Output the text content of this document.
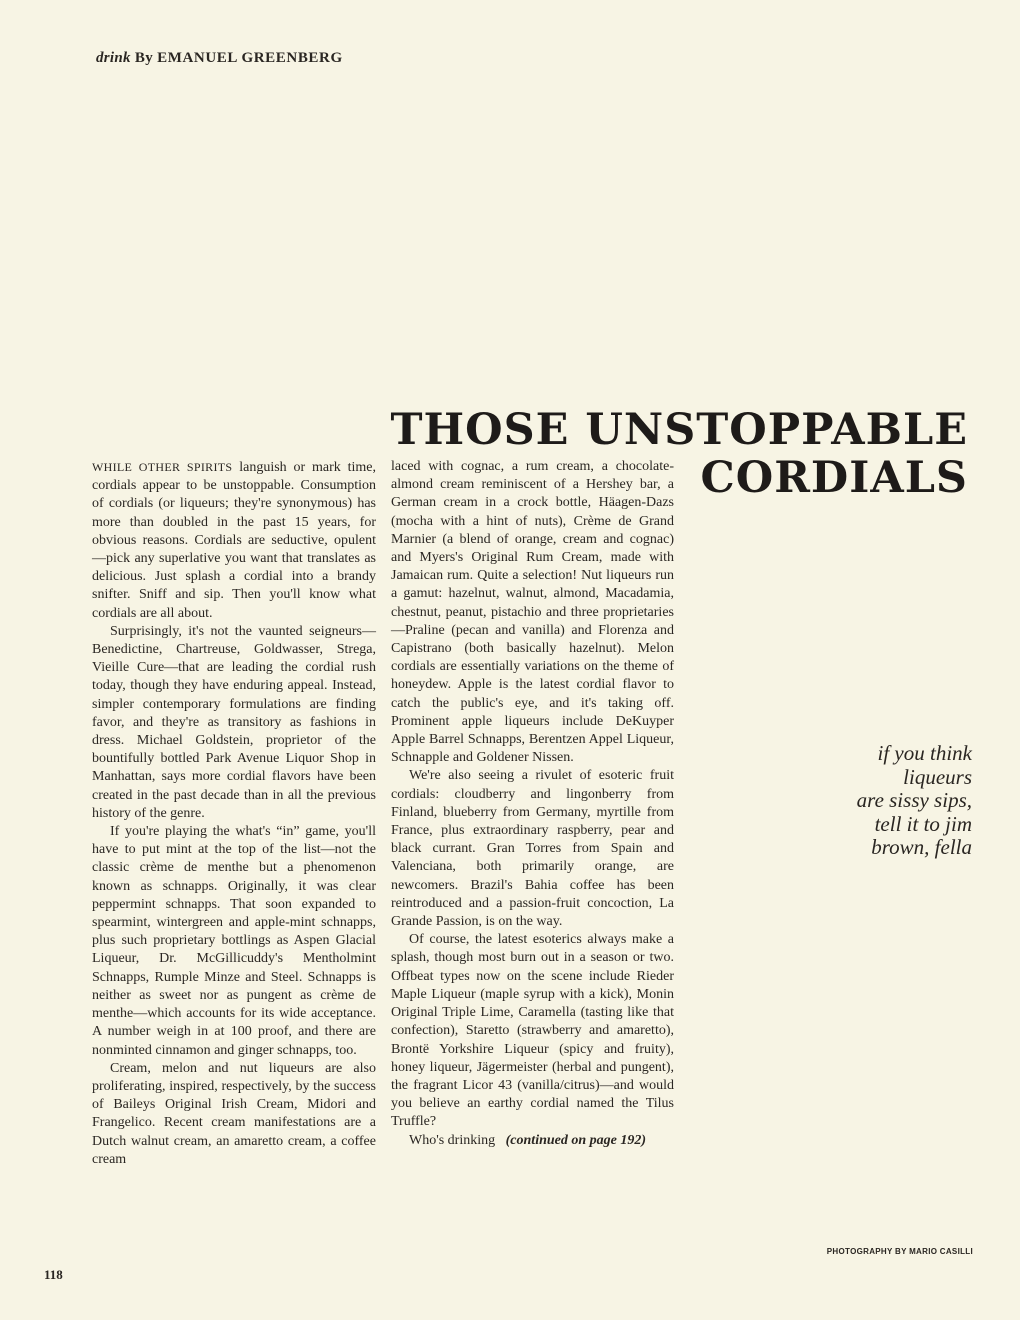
drink By EMANUEL GREENBERG
THOSE UNSTOPPABLE
CORDIALS

WHILE OTHER SPIRITS languish or mark time, cordials appear to be unstoppable. Consumption of cordials (or liqueurs; they're synonymous) has more than doubled in the past 15 years, for obvious reasons. Cordials are seductive, opulent—pick any superlative you want that translates as delicious. Just splash a cordial into a brandy snifter. Sniff and sip. Then you'll know what cordials are all about.

Surprisingly, it's not the vaunted seigneurs—Benedictine, Chartreuse, Goldwasser, Strega, Vieille Cure—that are leading the cordial rush today, though they have enduring appeal. Instead, simpler contemporary formulations are finding favor, and they're as transitory as fashions in dress. Michael Goldstein, proprietor of the bountifully bottled Park Avenue Liquor Shop in Manhattan, says more cordial flavors have been created in the past decade than in all the previous history of the genre.

If you're playing the what's “in” game, you'll have to put mint at the top of the list—not the classic crème de menthe but a phenomenon known as schnapps. Originally, it was clear peppermint schnapps. That soon expanded to spearmint, wintergreen and apple-mint schnapps, plus such proprietary bottlings as Aspen Glacial Liqueur, Dr. McGillicuddy's Mentholmint Schnapps, Rumple Minze and Steel. Schnapps is neither as sweet nor as pungent as crème de menthe—which accounts for its wide acceptance. A number weigh in at 100 proof, and there are nonminted cinnamon and ginger schnapps, too.

Cream, melon and nut liqueurs are also proliferating, inspired, respectively, by the success of Baileys Original Irish Cream, Midori and Frangelico. Recent cream manifestations are a Dutch walnut cream, an amaretto cream, a coffee cream

laced with cognac, a rum cream, a chocolate-almond cream reminiscent of a Hershey bar, a German cream in a crock bottle, Häagen-Dazs (mocha with a hint of nuts), Crème de Grand Marnier (a blend of orange, cream and cognac) and Myers's Original Rum Cream, made with Jamaican rum. Quite a selection! Nut liqueurs run a gamut: hazelnut, walnut, almond, Macadamia, chestnut, peanut, pistachio and three proprietaries—Praline (pecan and vanilla) and Florenza and Capistrano (both basically hazelnut). Melon cordials are essentially variations on the theme of honeydew. Apple is the latest cordial flavor to catch the public's eye, and it's taking off. Prominent apple liqueurs include DeKuyper Apple Barrel Schnapps, Berentzen Appel Liqueur, Schnapple and Goldener Nissen.

We're also seeing a rivulet of esoteric fruit cordials: cloudberry and lingonberry from Finland, blueberry from Germany, myrtille from France, plus extraordinary raspberry, pear and black currant. Gran Torres from Spain and Valenciana, both primarily orange, are newcomers. Brazil's Bahia coffee has been reintroduced and a passion-fruit concoction, La Grande Passion, is on the way.

Of course, the latest esoterics always make a splash, though most burn out in a season or two. Offbeat types now on the scene include Rieder Maple Liqueur (maple syrup with a kick), Monin Original Triple Lime, Caramella (tasting like that confection), Staretto (strawberry and amaretto), Brontë Yorkshire Liqueur (spicy and fruity), honey liqueur, Jägermeister (herbal and pungent), the fragrant Licor 43 (vanilla/citrus)—and would you believe an earthy cordial named the Tilus Truffle?

Who's drinking (continued on page 192)

if you think
liqueurs
are sissy sips,
tell it to jim
brown, fella
PHOTOGRAPHY BY MARIO CASILLI
118
